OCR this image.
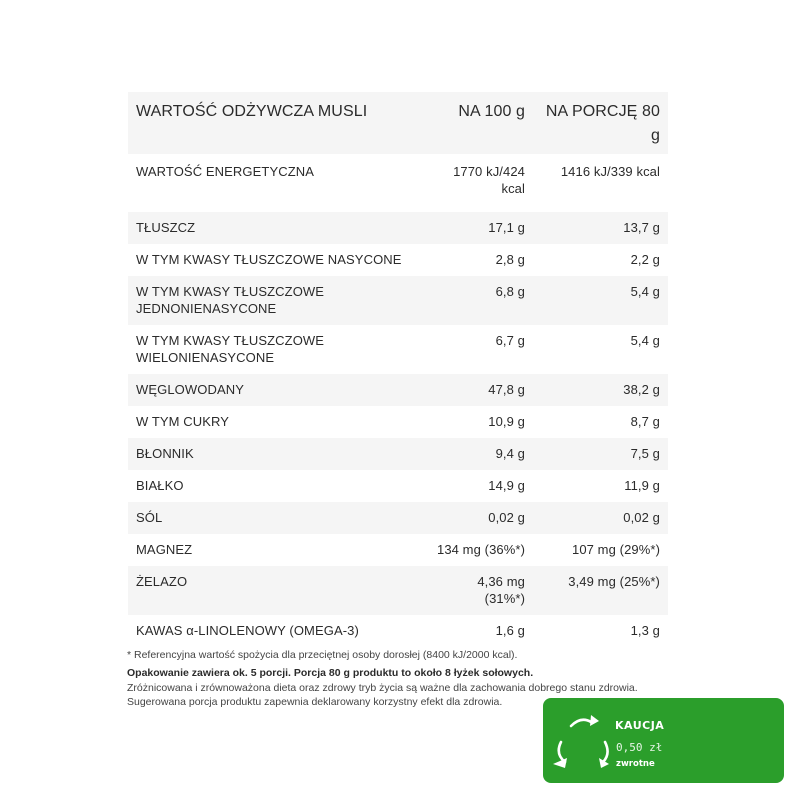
WARTOŚĆ ODŻYWCZA MUSLI	NA 100 g	NA PORCJĘ 80 g
WARTOŚĆ ENERGETYCZNA	1770 kJ/424 kcal	1416 kJ/339 kcal
TŁUSZCZ	17,1 g	13,7 g
W TYM KWASY TŁUSZCZOWE NASYCONE	2,8 g	2,2 g
W TYM KWASY TŁUSZCZOWE JEDNONIENASYCONE	6,8 g	5,4 g
W TYM KWASY TŁUSZCZOWE WIELONIENASYCONE	6,7 g	5,4 g
WĘGLOWODANY	47,8 g	38,2 g
W TYM CUKRY	10,9 g	8,7 g
BŁONNIK	9,4 g	7,5 g
BIAŁKO	14,9 g	11,9 g
SÓL	0,02 g	0,02 g
MAGNEZ	134 mg (36%*)	107 mg (29%*)
ŻELAZO	4,36 mg (31%*)	3,49 mg (25%*)
KAWAS α-LINOLENOWY (OMEGA-3)	1,6 g	1,3 g

* Referencyjna wartość spożycia dla przeciętnej osoby dorosłej (8400 kJ/2000 kcal).

Opakowanie zawiera ok. 5 porcji. Porcja 80 g produktu to około 8 łyżek sołowych.

Zróżnicowana i zrównoważona dieta oraz zdrowy tryb życia są ważne dla zachowania dobrego stanu zdrowia.

Sugerowana porcja produktu zapewnia deklarowany korzystny efekt dla zdrowia.

KAUCJA
0,50 zł
zwrotne
